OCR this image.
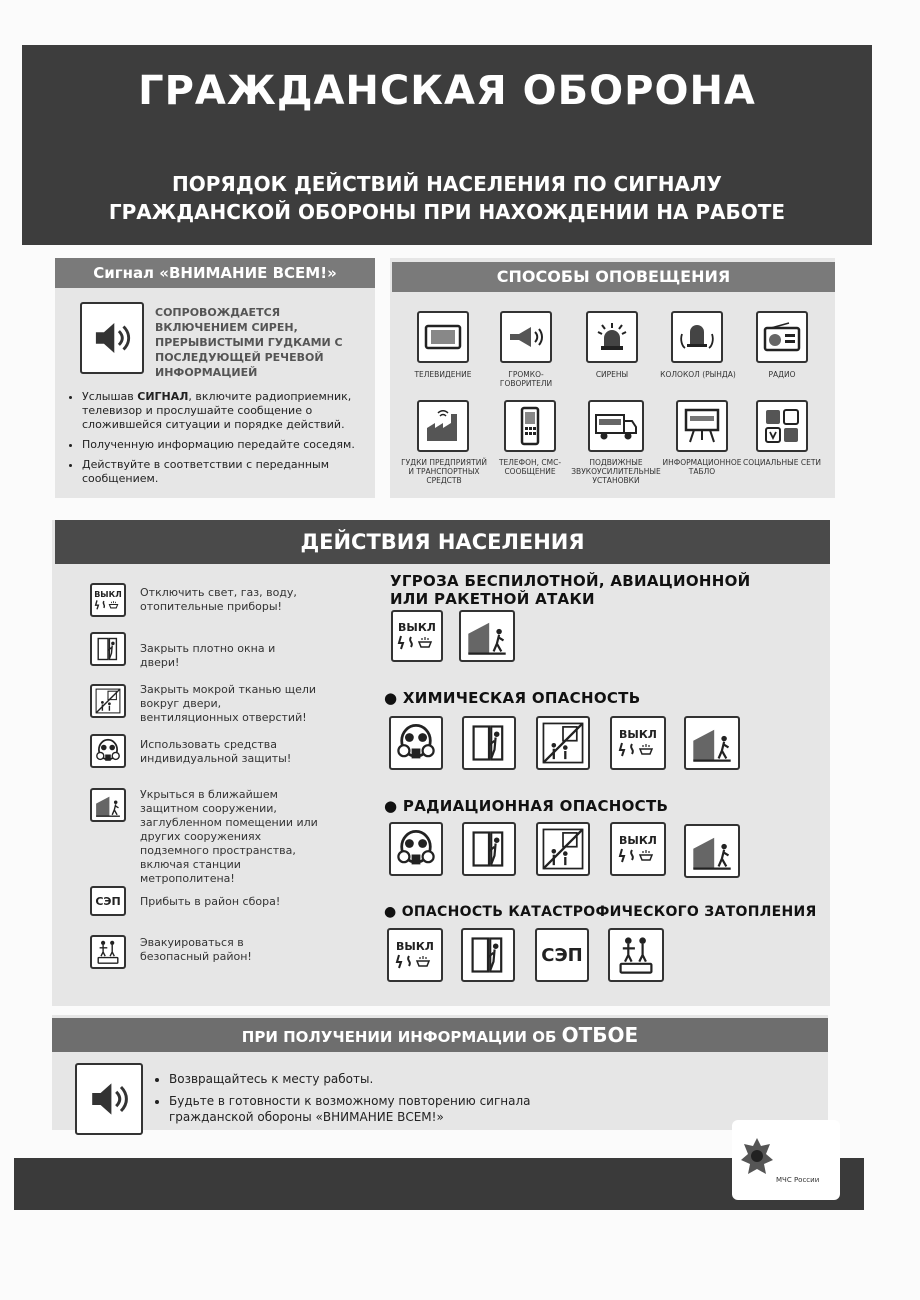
ГРАЖДАНСКАЯ ОБОРОНА
ПОРЯДОК ДЕЙСТВИЙ НАСЕЛЕНИЯ ПО СИГНАЛУ
ГРАЖДАНСКОЙ ОБОРОНЫ ПРИ НАХОЖДЕНИИ НА РАБОТЕ
Сигнал «ВНИМАНИЕ ВСЕМ!»
СОПРОВОЖДАЕТСЯ ВКЛЮЧЕНИЕМ СИРЕН, ПРЕРЫВИСТЫМИ ГУДКАМИ С ПОСЛЕДУЮЩЕЙ РЕЧЕВОЙ ИНФОРМАЦИЕЙ
• Услышав СИГНАЛ, включите радиоприемник, телевизор и прослушайте сообщение о сложившейся ситуации и порядке действий.
• Полученную информацию передайте соседям.
• Действуйте в соответствии с переданным сообщением.
СПОСОБЫ ОПОВЕЩЕНИЯ
ТЕЛЕВИДЕНИЕ	ГРОМКО-ГОВОРИТЕЛИ
СИРЕНЫ	КОЛОКОЛ (РЫНДА)	РАДИО
ГУДКИ ПРЕДПРИЯТИЙ И ТРАНСПОРТНЫХ СРЕДСТВ
ТЕЛЕФОН, СМС-СООБЩЕНИЕ
ПОДВИЖНЫЕ ЗВУКОУСИЛИТЕЛЬНЫЕ УСТАНОВКИ
ИНФОРМАЦИОННОЕ ТАБЛО
СОЦИАЛЬНЫЕ СЕТИ
ДЕЙСТВИЯ НАСЕЛЕНИЯ
ВЫКЛ Отключить свет, газ, воду, отопительные приборы!
Закрыть плотно окна и двери!
Закрыть мокрой тканью щели вокруг двери, вентиляционных отверстий!
Использовать средства индивидуальной защиты!
Укрыться в ближайшем защитном сооружении, заглубленном помещении или других сооружениях подземного пространства, включая станции метрополитена!
СЭП Прибыть в район сбора!
Эвакуироваться в безопасный район!
УГРОЗА БЕСПИЛОТНОЙ, АВИАЦИОННОЙ
ИЛИ РАКЕТНОЙ АТАКИ
ВЫКЛ
● ХИМИЧЕСКАЯ ОПАСНОСТЬ
ВЫКЛ
● РАДИАЦИОННАЯ ОПАСНОСТЬ
ВЫКЛ
● ОПАСНОСТЬ КАТАСТРОФИЧЕСКОГО ЗАТОПЛЕНИЯ
ВЫКЛ	СЭП
ПРИ ПОЛУЧЕНИИ ИНФОРМАЦИИ ОБ ОТБОЕ
• Возвращайтесь к месту работы.
• Будьте в готовности к возможному повторению сигнала гражданской обороны «ВНИМАНИЕ ВСЕМ!»
МЧС России
